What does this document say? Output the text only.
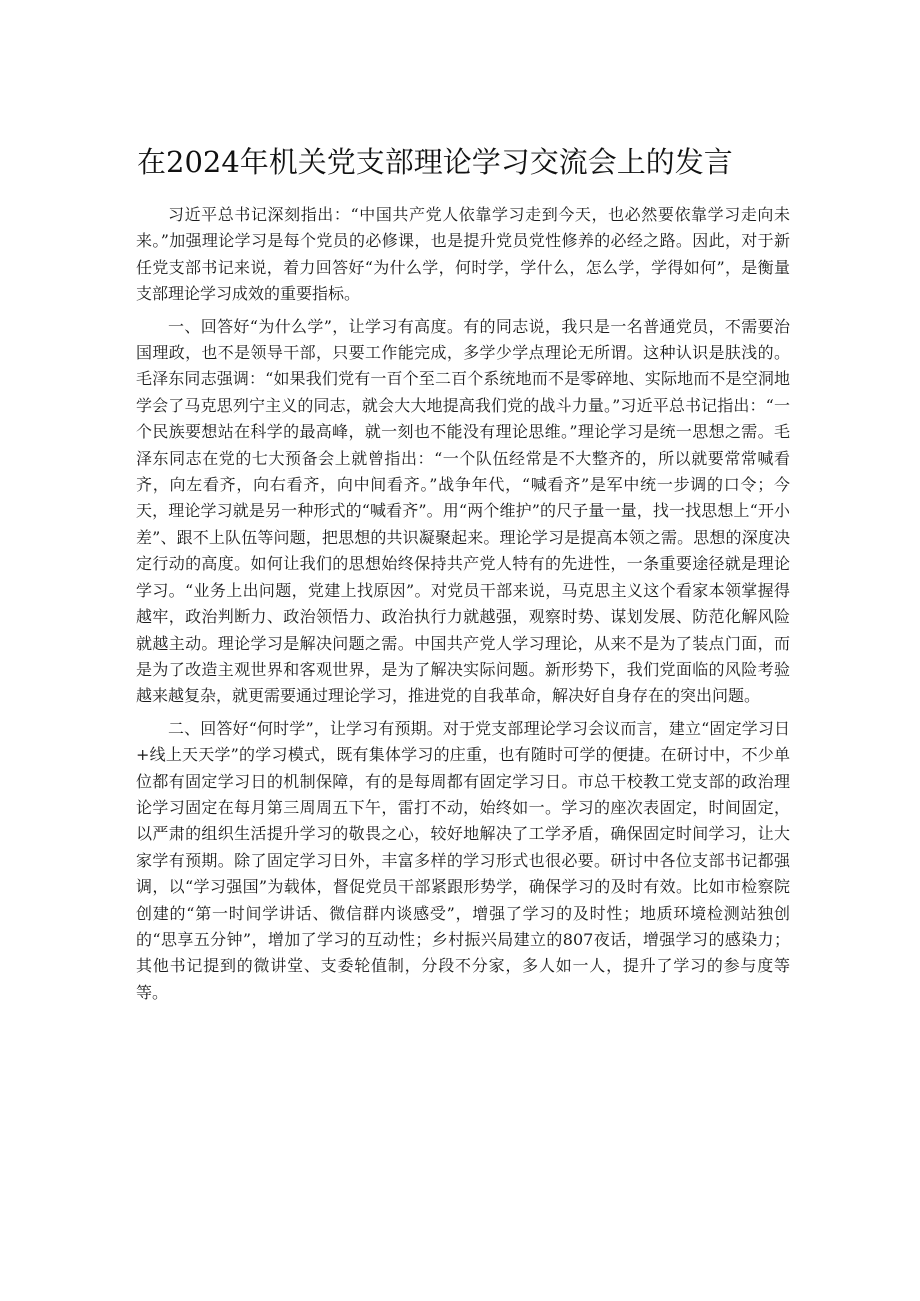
在2024年机关党支部理论学习交流会上的发言

习近平总书记深刻指出：“中国共产党人依靠学习走到今天，也必然要依靠学习走向未来。”加强理论学习是每个党员的必修课，也是提升党员党性修养的必经之路。因此，对于新任党支部书记来说，着力回答好“为什么学，何时学，学什么，怎么学，学得如何”，是衡量支部理论学习成效的重要指标。

一、回答好“为什么学”，让学习有高度。有的同志说，我只是一名普通党员，不需要治国理政，也不是领导干部，只要工作能完成，多学少学点理论无所谓。这种认识是肤浅的。毛泽东同志强调：“如果我们党有一百个至二百个系统地而不是零碎地、实际地而不是空洞地学会了马克思列宁主义的同志，就会大大地提高我们党的战斗力量。”习近平总书记指出：“一个民族要想站在科学的最高峰，就一刻也不能没有理论思维。”理论学习是统一思想之需。毛泽东同志在党的七大预备会上就曾指出：“一个队伍经常是不大整齐的，所以就要常常喊看齐，向左看齐，向右看齐，向中间看齐。”战争年代，“喊看齐”是军中统一步调的口令；今天，理论学习就是另一种形式的“喊看齐”。用“两个维护”的尺子量一量，找一找思想上“开小差”、跟不上队伍等问题，把思想的共识凝聚起来。理论学习是提高本领之需。思想的深度决定行动的高度。如何让我们的思想始终保持共产党人特有的先进性，一条重要途径就是理论学习。“业务上出问题，党建上找原因”。对党员干部来说，马克思主义这个看家本领掌握得越牢，政治判断力、政治领悟力、政治执行力就越强，观察时势、谋划发展、防范化解风险就越主动。理论学习是解决问题之需。中国共产党人学习理论，从来不是为了装点门面，而是为了改造主观世界和客观世界，是为了解决实际问题。新形势下，我们党面临的风险考验越来越复杂，就更需要通过理论学习，推进党的自我革命，解决好自身存在的突出问题。

二、回答好“何时学”，让学习有预期。对于党支部理论学习会议而言，建立“固定学习日+线上天天学”的学习模式，既有集体学习的庄重，也有随时可学的便捷。在研讨中，不少单位都有固定学习日的机制保障，有的是每周都有固定学习日。市总干校教工党支部的政治理论学习固定在每月第三周周五下午，雷打不动，始终如一。学习的座次表固定，时间固定，以严肃的组织生活提升学习的敬畏之心，较好地解决了工学矛盾，确保固定时间学习，让大家学有预期。除了固定学习日外，丰富多样的学习形式也很必要。研讨中各位支部书记都强调，以“学习强国”为载体，督促党员干部紧跟形势学，确保学习的及时有效。比如市检察院创建的“第一时间学讲话、微信群内谈感受”，增强了学习的及时性；地质环境检测站独创的“思享五分钟”，增加了学习的互动性；乡村振兴局建立的807夜话，增强学习的感染力；其他书记提到的微讲堂、支委轮值制，分段不分家，多人如一人，提升了学习的参与度等等。
